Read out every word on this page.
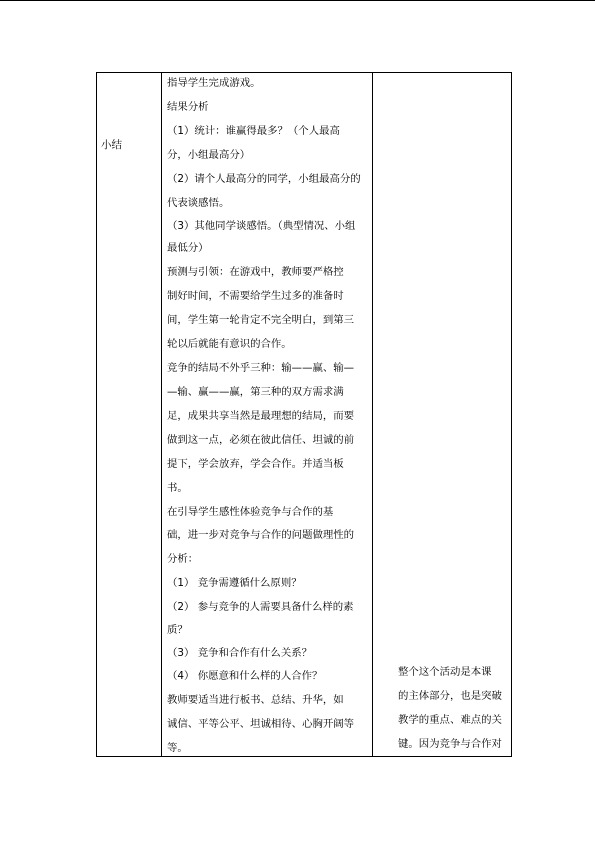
小结
指导学生完成游戏。
结果分析
（1）统计：谁赢得最多？（个人最高
分，小组最高分）
（2）请个人最高分的同学，小组最高分的
代表谈感悟。
（3）其他同学谈感悟。（典型情况、小组
最低分）
预测与引领：在游戏中，教师要严格控
制好时间，不需要给学生过多的准备时
间，学生第一轮肯定不完全明白，到第三
轮以后就能有意识的合作。
竞争的结局不外乎三种：输——赢、输—
—输、赢——赢，第三种的双方需求满
足，成果共享当然是最理想的结局，而要
做到这一点，必须在彼此信任、坦诚的前
提下，学会放弃，学会合作。并适当板
书。
在引导学生感性体验竞争与合作的基
础，进一步对竞争与合作的问题做理性的
分析：
（1） 竞争需遵循什么原则？
（2） 参与竞争的人需要具备什么样的素
质？
（3） 竞争和合作有什么关系？
（4） 你愿意和什么样的人合作？
教师要适当进行板书、总结、升华，如
诚信、平等公平、坦诚相待、心胸开阔等
等。
整个这个活动是本课
的主体部分，也是突破
教学的重点、难点的关
键。因为竞争与合作对
